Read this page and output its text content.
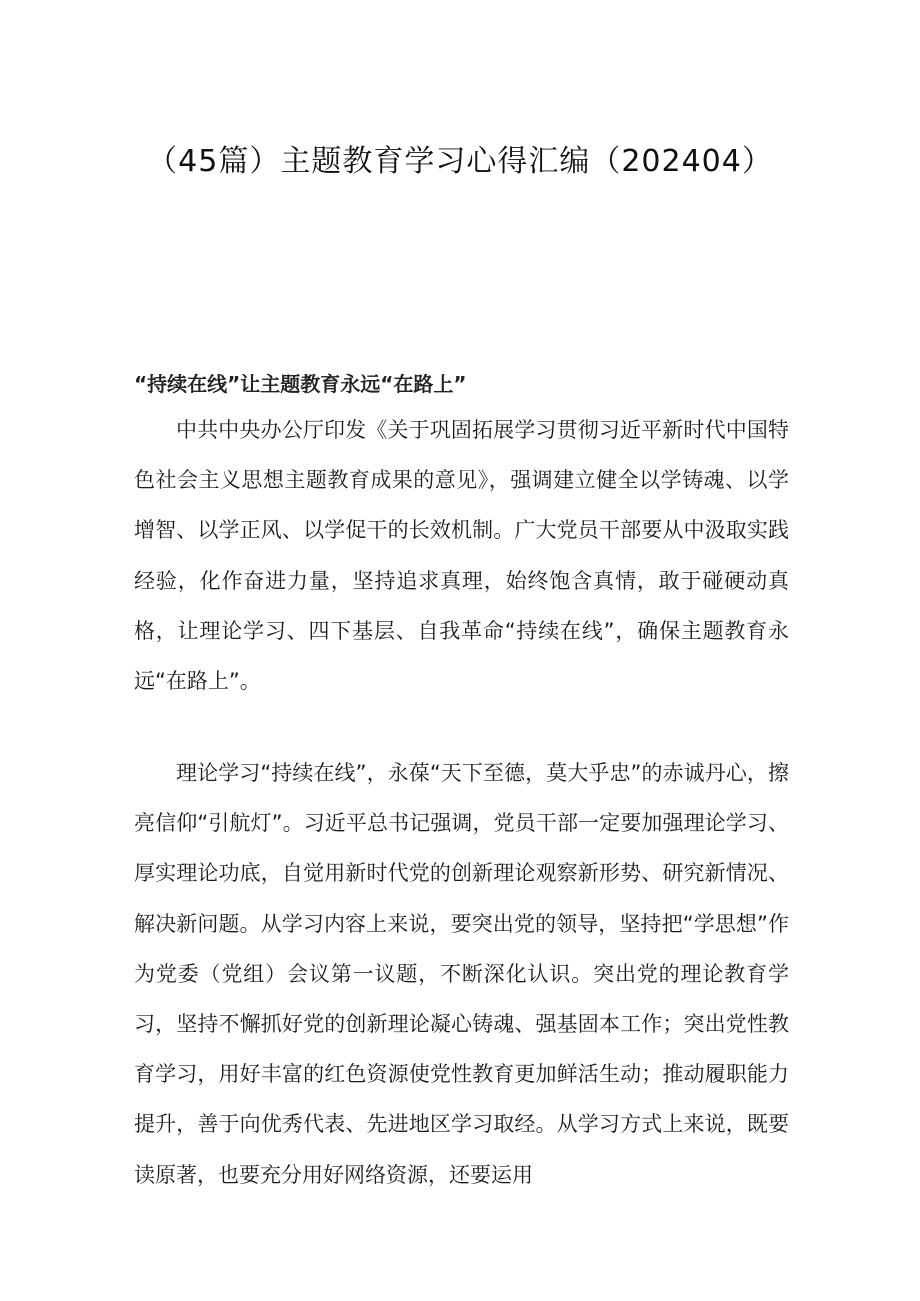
（45篇）主题教育学习心得汇编（202404）
“持续在线”让主题教育永远“在路上”

中共中央办公厅印发《关于巩固拓展学习贯彻习近平新时代中国特色社会主义思想主题教育成果的意见》，强调建立健全以学铸魂、以学增智、以学正风、以学促干的长效机制。广大党员干部要从中汲取实践经验，化作奋进力量，坚持追求真理，始终饱含真情，敢于碰硬动真格，让理论学习、四下基层、自我革命“持续在线”，确保主题教育永远“在路上”。

理论学习“持续在线”，永葆“天下至德，莫大乎忠”的赤诚丹心，擦亮信仰“引航灯”。习近平总书记强调，党员干部一定要加强理论学习、厚实理论功底，自觉用新时代党的创新理论观察新形势、研究新情况、解决新问题。从学习内容上来说，要突出党的领导，坚持把“学思想”作为党委（党组）会议第一议题，不断深化认识。突出党的理论教育学习，坚持不懈抓好党的创新理论凝心铸魂、强基固本工作；突出党性教育学习，用好丰富的红色资源使党性教育更加鲜活生动；推动履职能力提升，善于向优秀代表、先进地区学习取经。从学习方式上来说，既要读原著，也要充分用好网络资源，还要运用
